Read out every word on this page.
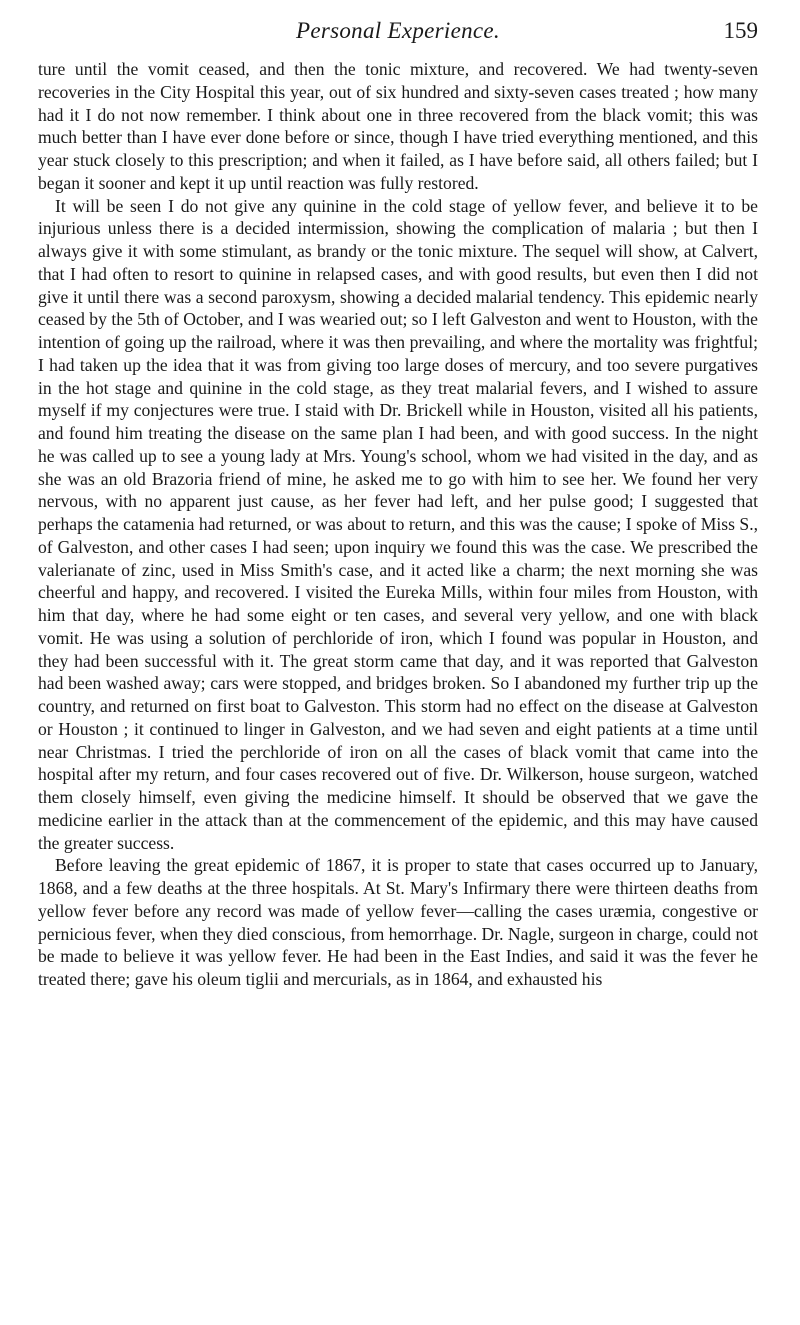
Personal Experience.	159

ture until the vomit ceased, and then the tonic mixture, and recovered. We had twenty-seven recoveries in the City Hospital this year, out of six hundred and sixty-seven cases treated ; how many had it I do not now remember. I think about one in three recovered from the black vomit; this was much better than I have ever done before or since, though I have tried everything mentioned, and this year stuck closely to this prescription; and when it failed, as I have before said, all others failed; but I began it sooner and kept it up until reaction was fully restored.

It will be seen I do not give any quinine in the cold stage of yellow fever, and believe it to be injurious unless there is a decided intermission, showing the complication of malaria ; but then I always give it with some stimulant, as brandy or the tonic mixture. The sequel will show, at Calvert, that I had often to resort to quinine in relapsed cases, and with good results, but even then I did not give it until there was a second paroxysm, showing a decided malarial tendency. This epidemic nearly ceased by the 5th of October, and I was wearied out; so I left Galveston and went to Houston, with the intention of going up the railroad, where it was then prevailing, and where the mortality was frightful; I had taken up the idea that it was from giving too large doses of mercury, and too severe purgatives in the hot stage and quinine in the cold stage, as they treat malarial fevers, and I wished to assure myself if my conjectures were true. I staid with Dr. Brickell while in Houston, visited all his patients, and found him treating the disease on the same plan I had been, and with good success. In the night he was called up to see a young lady at Mrs. Young's school, whom we had visited in the day, and as she was an old Brazoria friend of mine, he asked me to go with him to see her. We found her very nervous, with no apparent just cause, as her fever had left, and her pulse good; I suggested that perhaps the catamenia had returned, or was about to return, and this was the cause; I spoke of Miss S., of Galveston, and other cases I had seen; upon inquiry we found this was the case. We prescribed the valerianate of zinc, used in Miss Smith's case, and it acted like a charm; the next morning she was cheerful and happy, and recovered. I visited the Eureka Mills, within four miles from Houston, with him that day, where he had some eight or ten cases, and several very yellow, and one with black vomit. He was using a solution of perchloride of iron, which I found was popular in Houston, and they had been successful with it. The great storm came that day, and it was reported that Galveston had been washed away; cars were stopped, and bridges broken. So I abandoned my further trip up the country, and returned on first boat to Galveston. This storm had no effect on the disease at Galveston or Houston ; it continued to linger in Galveston, and we had seven and eight patients at a time until near Christmas. I tried the perchloride of iron on all the cases of black vomit that came into the hospital after my return, and four cases recovered out of five. Dr. Wilkerson, house surgeon, watched them closely himself, even giving the medicine himself. It should be observed that we gave the medicine earlier in the attack than at the commencement of the epidemic, and this may have caused the greater success.

Before leaving the great epidemic of 1867, it is proper to state that cases occurred up to January, 1868, and a few deaths at the three hospitals. At St. Mary's Infirmary there were thirteen deaths from yellow fever before any record was made of yellow fever—calling the cases uræmia, congestive or pernicious fever, when they died conscious, from hemorrhage. Dr. Nagle, surgeon in charge, could not be made to believe it was yellow fever. He had been in the East Indies, and said it was the fever he treated there; gave his oleum tiglii and mercurials, as in 1864, and exhausted his
